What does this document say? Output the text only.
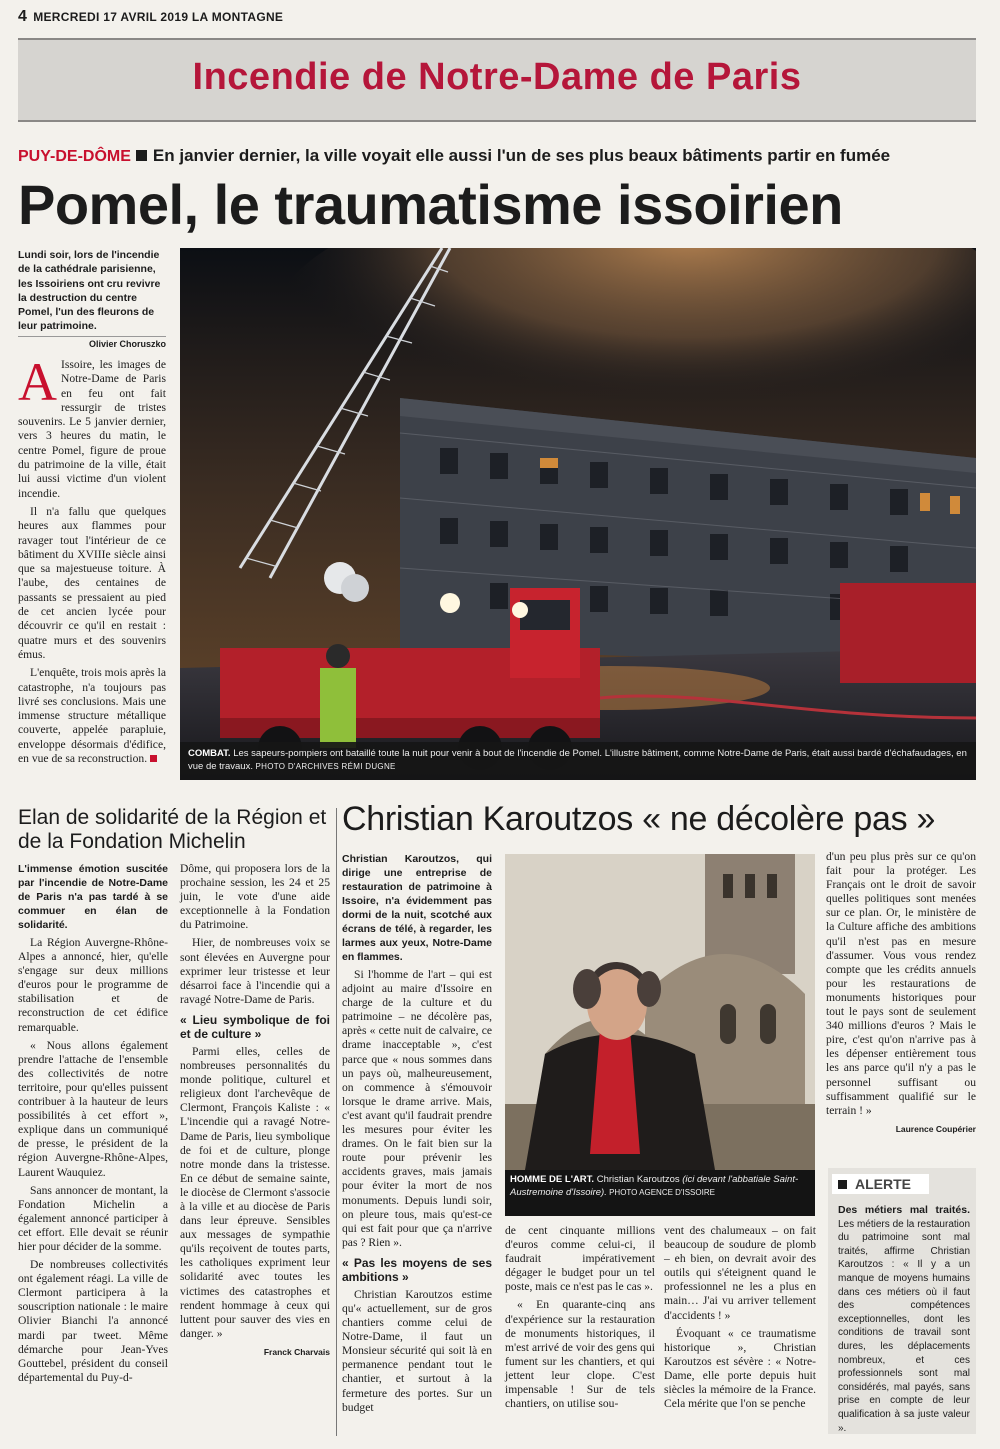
4 MERCREDI 17 AVRIL 2019 LA MONTAGNE
Incendie de Notre-Dame de Paris
PUY-DE-DÔME En janvier dernier, la ville voyait elle aussi l'un de ses plus beaux bâtiments partir en fumée
Pomel, le traumatisme issoirien
Lundi soir, lors de l'incendie de la cathédrale parisienne, les Issoiriens ont cru revivre la destruction du centre Pomel, l'un des fleurons de leur patrimoine.
Olivier Choruszko

A Issoire, les images de Notre-Dame de Paris en feu ont fait ressurgir de tristes souvenirs. Le 5 janvier dernier, vers 3 heures du matin, le centre Pomel, figure de proue du patrimoine de la ville, était lui aussi victime d'un violent incendie.

Il n'a fallu que quelques heures aux flammes pour ravager tout l'intérieur de ce bâtiment du XVIIIe siècle ainsi que sa majestueuse toiture. À l'aube, des centaines de passants se pressaient au pied de cet ancien lycée pour découvrir ce qu'il en restait : quatre murs et des souvenirs émus.

L'enquête, trois mois après la catastrophe, n'a toujours pas livré ses conclusions. Mais une immense structure métallique couverte, appelée parapluie, enveloppe désormais d'édifice, en vue de sa reconstruction.	COMBAT. Les sapeurs-pompiers ont bataillé toute la nuit pour venir à bout de l'incendie de Pomel. L'illustre bâtiment, comme Notre-Dame de Paris, était aussi bardé d'échafaudages, en vue de travaux. PHOTO D'ARCHIVES RÉMI DUGNE
Elan de solidarité de la Région et de la Fondation Michelin

L'immense émotion suscitée par l'incendie de Notre-Dame de Paris n'a pas tardé à se commuer en élan de solidarité.

La Région Auvergne-Rhône-Alpes a annoncé, hier, qu'elle s'engage sur deux millions d'euros pour le programme de stabilisation et de reconstruction de cet édifice remarquable.

« Nous allons également prendre l'attache de l'ensemble des collectivités de notre territoire, pour qu'elles puissent contribuer à la hauteur de leurs possibilités à cet effort », explique dans un communiqué de presse, le président de la région Auvergne-Rhône-Alpes, Laurent Wauquiez.

Sans annoncer de montant, la Fondation Michelin a également annoncé participer à cet effort. Elle devait se réunir hier pour décider de la somme.

De nombreuses collectivités ont également réagi. La ville de Clermont participera à la souscription nationale : le maire Olivier Bianchi l'a annoncé mardi par tweet. Même démarche pour Jean-Yves Gouttebel, président du conseil départemental du Puy-d-

Dôme, qui proposera lors de la prochaine session, les 24 et 25 juin, le vote d'une aide exceptionnelle à la Fondation du Patrimoine.

Hier, de nombreuses voix se sont élevées en Auvergne pour exprimer leur tristesse et leur désarroi face à l'incendie qui a ravagé Notre-Dame de Paris.

« Lieu symbolique de foi et de culture »

Parmi elles, celles de nombreuses personnalités du monde politique, culturel et religieux dont l'archevêque de Clermont, François Kaliste : « L'incendie qui a ravagé Notre-Dame de Paris, lieu symbolique de foi et de culture, plonge notre monde dans la tristesse. En ce début de semaine sainte, le diocèse de Clermont s'associe à la ville et au diocèse de Paris dans leur épreuve. Sensibles aux messages de sympathie qu'ils reçoivent de toutes parts, les catholiques expriment leur solidarité avec toutes les victimes des catastrophes et rendent hommage à ceux qui luttent pour sauver des vies en danger. »

Franck Charvais
Christian Karoutzos « ne décolère pas »

Christian Karoutzos, qui dirige une entreprise de restauration de patrimoine à Issoire, n'a évidemment pas dormi de la nuit, scotché aux écrans de télé, à regarder, les larmes aux yeux, Notre-Dame en flammes.

Si l'homme de l'art – qui est adjoint au maire d'Issoire en charge de la culture et du patrimoine – ne décolère pas, après « cette nuit de calvaire, ce drame inacceptable », c'est parce que « nous sommes dans un pays où, malheureusement, on commence à s'émouvoir lorsque le drame arrive. Mais, c'est avant qu'il faudrait prendre les mesures pour éviter les drames. On le fait bien sur la route pour prévenir les accidents graves, mais jamais pour éviter la mort de nos monuments. Depuis lundi soir, on pleure tous, mais qu'est-ce qui est fait pour que ça n'arrive pas ? Rien ».

« Pas les moyens de ses ambitions »

Christian Karoutzos estime qu'« actuellement, sur de gros chantiers comme celui de Notre-Dame, il faut un Monsieur sécurité qui soit là en permanence pendant tout le chantier, et surtout à la fermeture des portes. Sur un budget

HOMME DE L'ART. Christian Karoutzos (ici devant l'abbatiale Saint-Austremoine d'Issoire). PHOTO AGENCE D'ISSOIRE

de cent cinquante millions d'euros comme celui-ci, il faudrait impérativement dégager le budget pour un tel poste, mais ce n'est pas le cas ».

« En quarante-cinq ans d'expérience sur la restauration de monuments historiques, il m'est arrivé de voir des gens qui fument sur les chantiers, et qui jettent leur clope. C'est impensable ! Sur de tels chantiers, on utilise sou-

vent des chalumeaux – on fait beaucoup de soudure de plomb – eh bien, on devrait avoir des outils qui s'éteignent quand le professionnel ne les a plus en main… J'ai vu arriver tellement d'accidents ! »

Évoquant « ce traumatisme historique », Christian Karoutzos est sévère : « Notre-Dame, elle porte depuis huit siècles la mémoire de la France. Cela mérite que l'on se penche

d'un peu plus près sur ce qu'on fait pour la protéger. Les Français ont le droit de savoir quelles politiques sont menées sur ce plan. Or, le ministère de la Culture affiche des ambitions qu'il n'est pas en mesure d'assumer. Vous vous rendez compte que les crédits annuels pour les restaurations de monuments historiques pour tout le pays sont de seulement 340 millions d'euros ? Mais le pire, c'est qu'on n'arrive pas à les dépenser entièrement tous les ans parce qu'il n'y a pas le personnel suffisant ou suffisamment qualifié sur le terrain ! »

Laurence Coupérier
ALERTE
Des métiers mal traités. Les métiers de la restauration du patrimoine sont mal traités, affirme Christian Karoutzos : « Il y a un manque de moyens humains dans ces métiers où il faut des compétences exceptionnelles, dont les conditions de travail sont dures, les déplacements nombreux, et ces professionnels sont mal considérés, mal payés, sans prise en compte de leur qualification à sa juste valeur ».
